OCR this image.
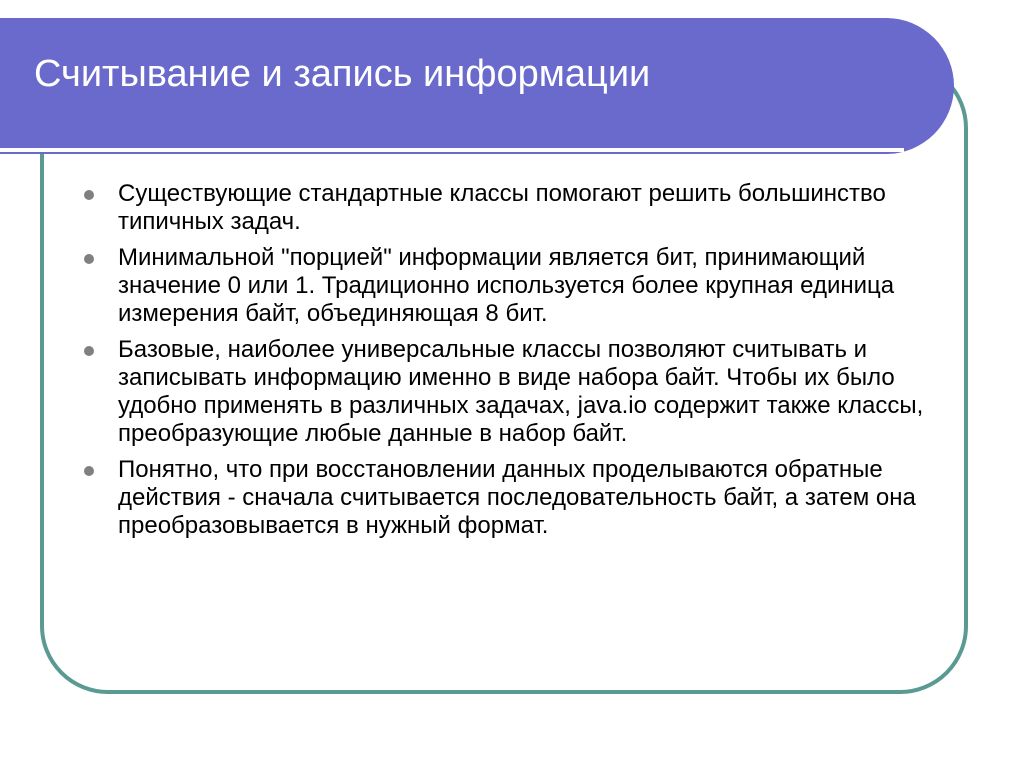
Считывание и запись информации
Существующие стандартные классы помогают решить большинство типичных задач.
Минимальной "порцией" информации является бит, принимающий значение 0 или 1. Традиционно используется более крупная единица измерения байт, объединяющая 8 бит.
Базовые, наиболее универсальные классы позволяют считывать и записывать информацию именно в виде набора байт. Чтобы их было удобно применять в различных задачах, java.io содержит также классы, преобразующие любые данные в набор байт.
Понятно, что при восстановлении данных проделываются обратные действия - сначала считывается последовательность байт, а затем она преобразовывается в нужный формат.
